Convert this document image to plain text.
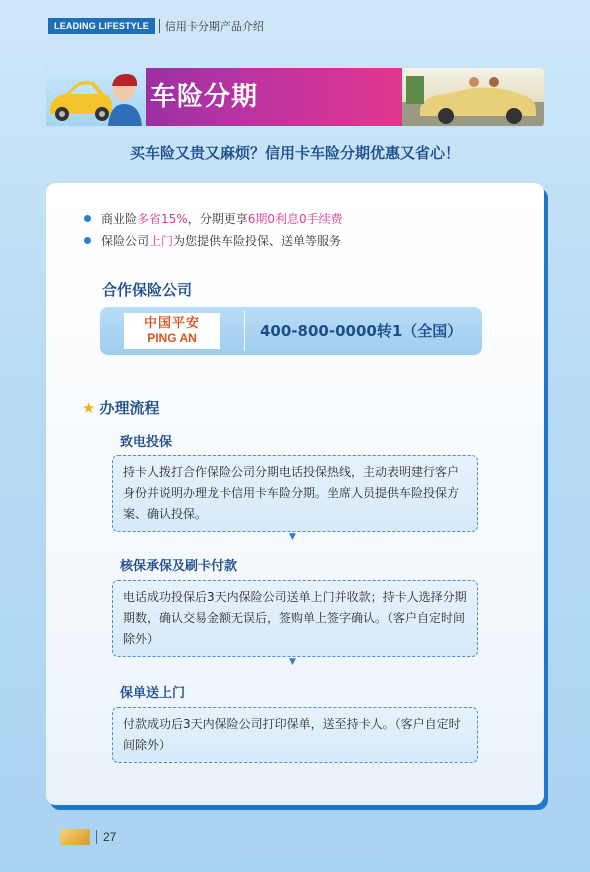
LEADING LIFESTYLE	信用卡分期产品介绍
车险分期
买车险又贵又麻烦？信用卡车险分期优惠又省心！
商业险 多省15% ，分期更享 6期0利息0手续费
保险公司 上门 为您提供车险投保、送单等服务
合作保险公司
中国平安
PING AN	400-800-0000转1（全国）
★ 办理流程
致电投保
持卡人拨打合作保险公司分期电话投保热线，主动表明建行客户身份并说明办理龙卡信用卡车险分期。坐席人员提供车险投保方案、确认投保。
▼
核保承保及刷卡付款
电话成功投保后3天内保险公司送单上门并收款；持卡人选择分期期数，确认交易金额无误后，签购单上签字确认。（客户自定时间除外）
▼
保单送上门
付款成功后3天内保险公司打印保单，送至持卡人。（客户自定时间除外）
27
